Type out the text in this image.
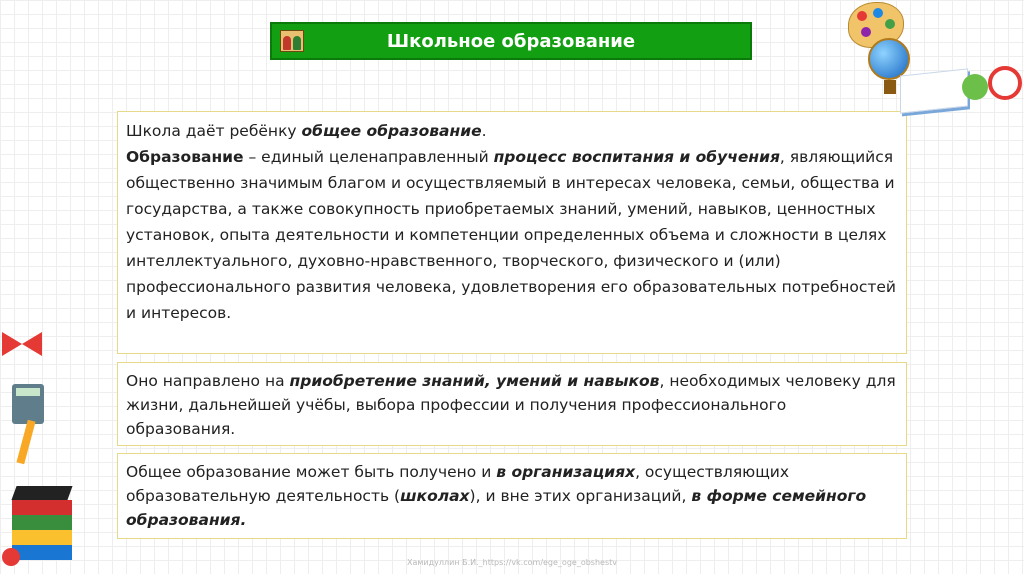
Школьное образование

Школа даёт ребёнку общее образование.

Образование – единый целенаправленный процесс воспитания и обучения, являющийся общественно значимым благом и осуществляемый в интересах человека, семьи, общества и государства, а также совокупность приобретаемых знаний, умений, навыков, ценностных установок, опыта деятельности и компетенции определенных объема и сложности в целях интеллектуального, духовно-нравственного, творческого, физического и (или) профессионального развития человека, удовлетворения его образовательных потребностей и интересов.

Оно направлено на приобретение знаний, умений и навыков, необходимых человеку для жизни, дальнейшей учёбы, выбора профессии и получения профессионального образования.

Общее образование может быть получено и в организациях, осуществляющих образовательную деятельность (школах), и вне этих организаций, в форме семейного образования.

Хамидуллин Б.И._https://vk.com/ege_oge_obshestv
